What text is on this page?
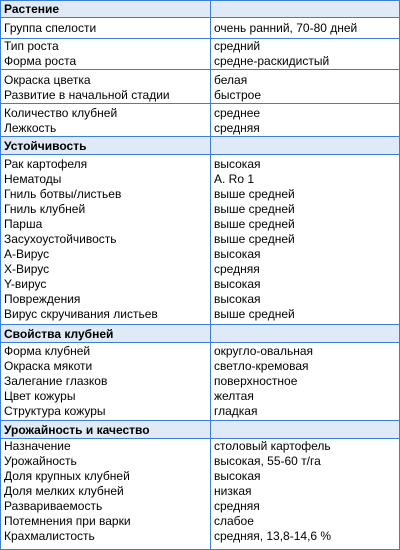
Растение
Группа спелости	очень ранний, 70-80 дней
Тип роста
Форма роста
средний
средне-раскидистый
Окраска цветка
Развитие в начальной стадии
белая
быстрое
Количество клубней
Лежкость
среднее
средняя
Устойчивость
Рак картофеля
Нематоды
Гниль ботвы/листьев
Гниль клубней
Парша
Засухоустойчивость
А-Вирус
X-Вирус
Y-вирус
Повреждения
Вирус скручивания листьев
высокая
A. Ro 1
выше средней
выше средней
выше средней
выше средней
высокая
средняя
высокая
высокая
выше средней
Свойства клубней
Форма клубней
Окраска мякоти
Залегание глазков
Цвет кожуры
Структура кожуры
округло-овальная
светло-кремовая
поверхностное
желтая
гладкая
Урожайность и качество
Назначение
Урожайность
Доля крупных клубней
Доля мелких клубней
Развариваемость
Потемнения при варки
Крахмалистость
столовый картофель
высокая, 55-60 т/га
высокая
низкая
средняя
слабое
средняя, 13,8-14,6 %
